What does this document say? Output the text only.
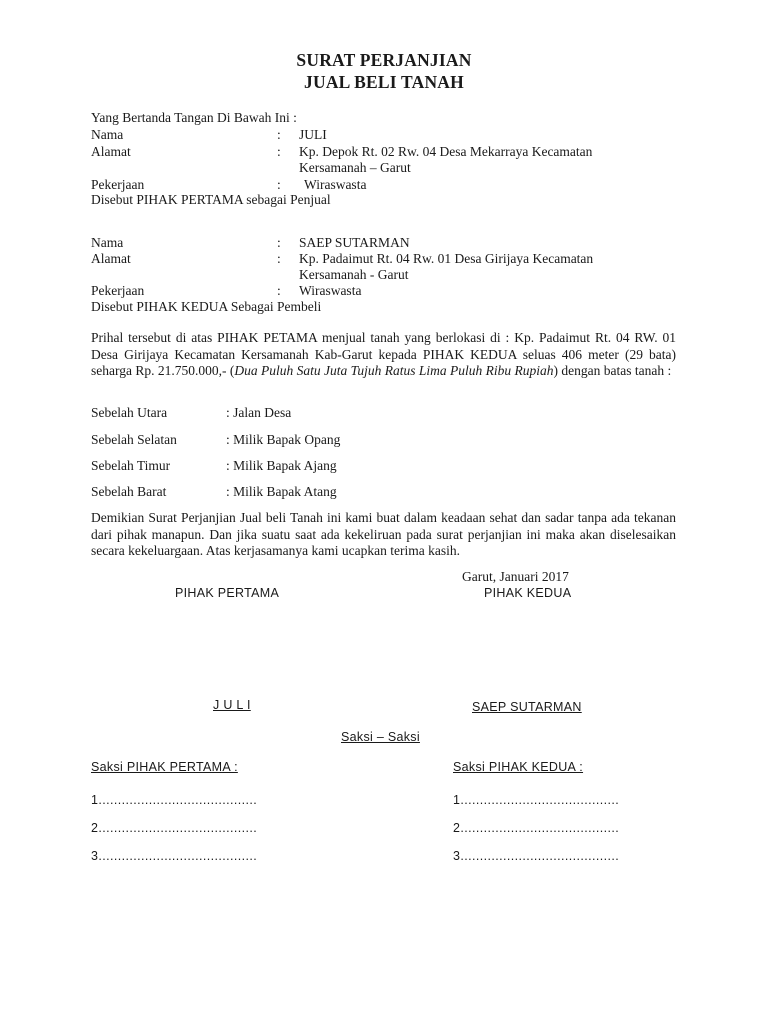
SURAT PERJANJIAN
JUAL BELI TANAH
Yang Bertanda Tangan Di Bawah Ini :
Nama	: JULI
Alamat	: Kp. Depok Rt. 02 Rw. 04 Desa Mekarraya Kecamatan
Kersamanah – Garut
Pekerjaan	: Wiraswasta
Disebut PIHAK PERTAMA sebagai Penjual
Nama	: SAEP SUTARMAN
Alamat	: Kp. Padaimut Rt. 04 Rw. 01 Desa Girijaya Kecamatan
Kersamanah - Garut
Pekerjaan	: Wiraswasta
Disebut PIHAK KEDUA Sebagai Pembeli
Prihal tersebut di atas PIHAK PETAMA menjual tanah yang berlokasi di : Kp. Padaimut Rt. 04 RW. 01 Desa Girijaya Kecamatan Kersamanah Kab-Garut kepada PIHAK KEDUA seluas 406 meter (29 bata) seharga Rp. 21.750.000,- (Dua Puluh Satu Juta Tujuh Ratus Lima Puluh Ribu Rupiah) dengan batas tanah :
Sebelah Utara	: Jalan Desa
Sebelah Selatan	: Milik Bapak Opang
Sebelah Timur	: Milik Bapak Ajang
Sebelah Barat	: Milik Bapak Atang
Demikian Surat Perjanjian Jual beli Tanah ini kami buat dalam keadaan sehat dan sadar tanpa ada tekanan dari pihak manapun. Dan jika suatu saat ada kekeliruan pada surat perjanjian ini maka akan diselesaikan secara kekeluargaan. Atas kerjasamanya kami ucapkan terima kasih.
Garut, Januari 2017
PIHAK PERTAMA	PIHAK KEDUA
J U L I	SAEP SUTARMAN
Saksi – Saksi
Saksi PIHAK PERTAMA :	Saksi PIHAK KEDUA :
1.........................................
2.........................................
3.........................................
1.........................................
2.........................................
3.........................................
